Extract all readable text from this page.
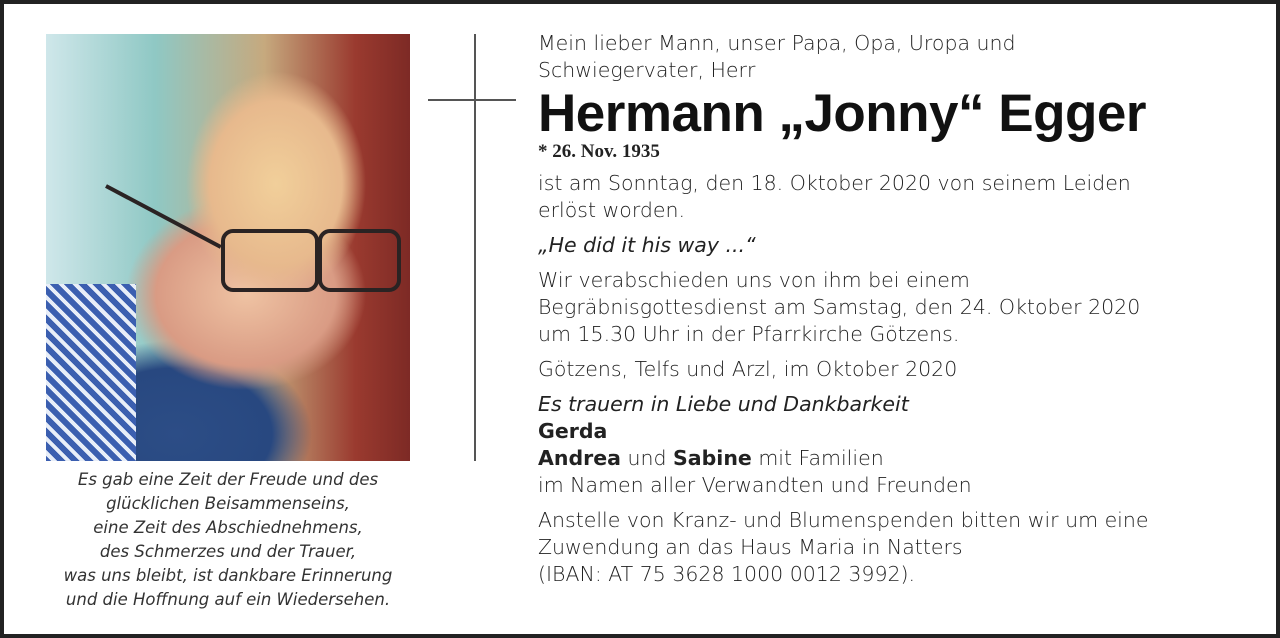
Es gab eine Zeit der Freude und des
glücklichen Beisammenseins,
eine Zeit des Abschiednehmens,
des Schmerzes und der Trauer,
was uns bleibt, ist dankbare Erinnerung
und die Hoffnung auf ein Wiedersehen.

Mein lieber Mann, unser Papa, Opa, Uropa und

Schwiegervater, Herr

Hermann „Jonny“ Egger

* 26. Nov. 1935

ist am Sonntag, den 18. Oktober 2020 von seinem Leiden

erlöst worden.

„He did it his way ...“

Wir verabschieden uns von ihm bei einem

Begräbnisgottesdienst am Samstag, den 24. Oktober 2020

um 15.30 Uhr in der Pfarrkirche Götzens.

Götzens, Telfs und Arzl, im Oktober 2020

Es trauern in Liebe und Dankbarkeit

Gerda

Andrea und Sabine mit Familien

im Namen aller Verwandten und Freunden

Anstelle von Kranz- und Blumenspenden bitten wir um eine

Zuwendung an das Haus Maria in Natters

(IBAN: AT 75 3628 1000 0012 3992).
